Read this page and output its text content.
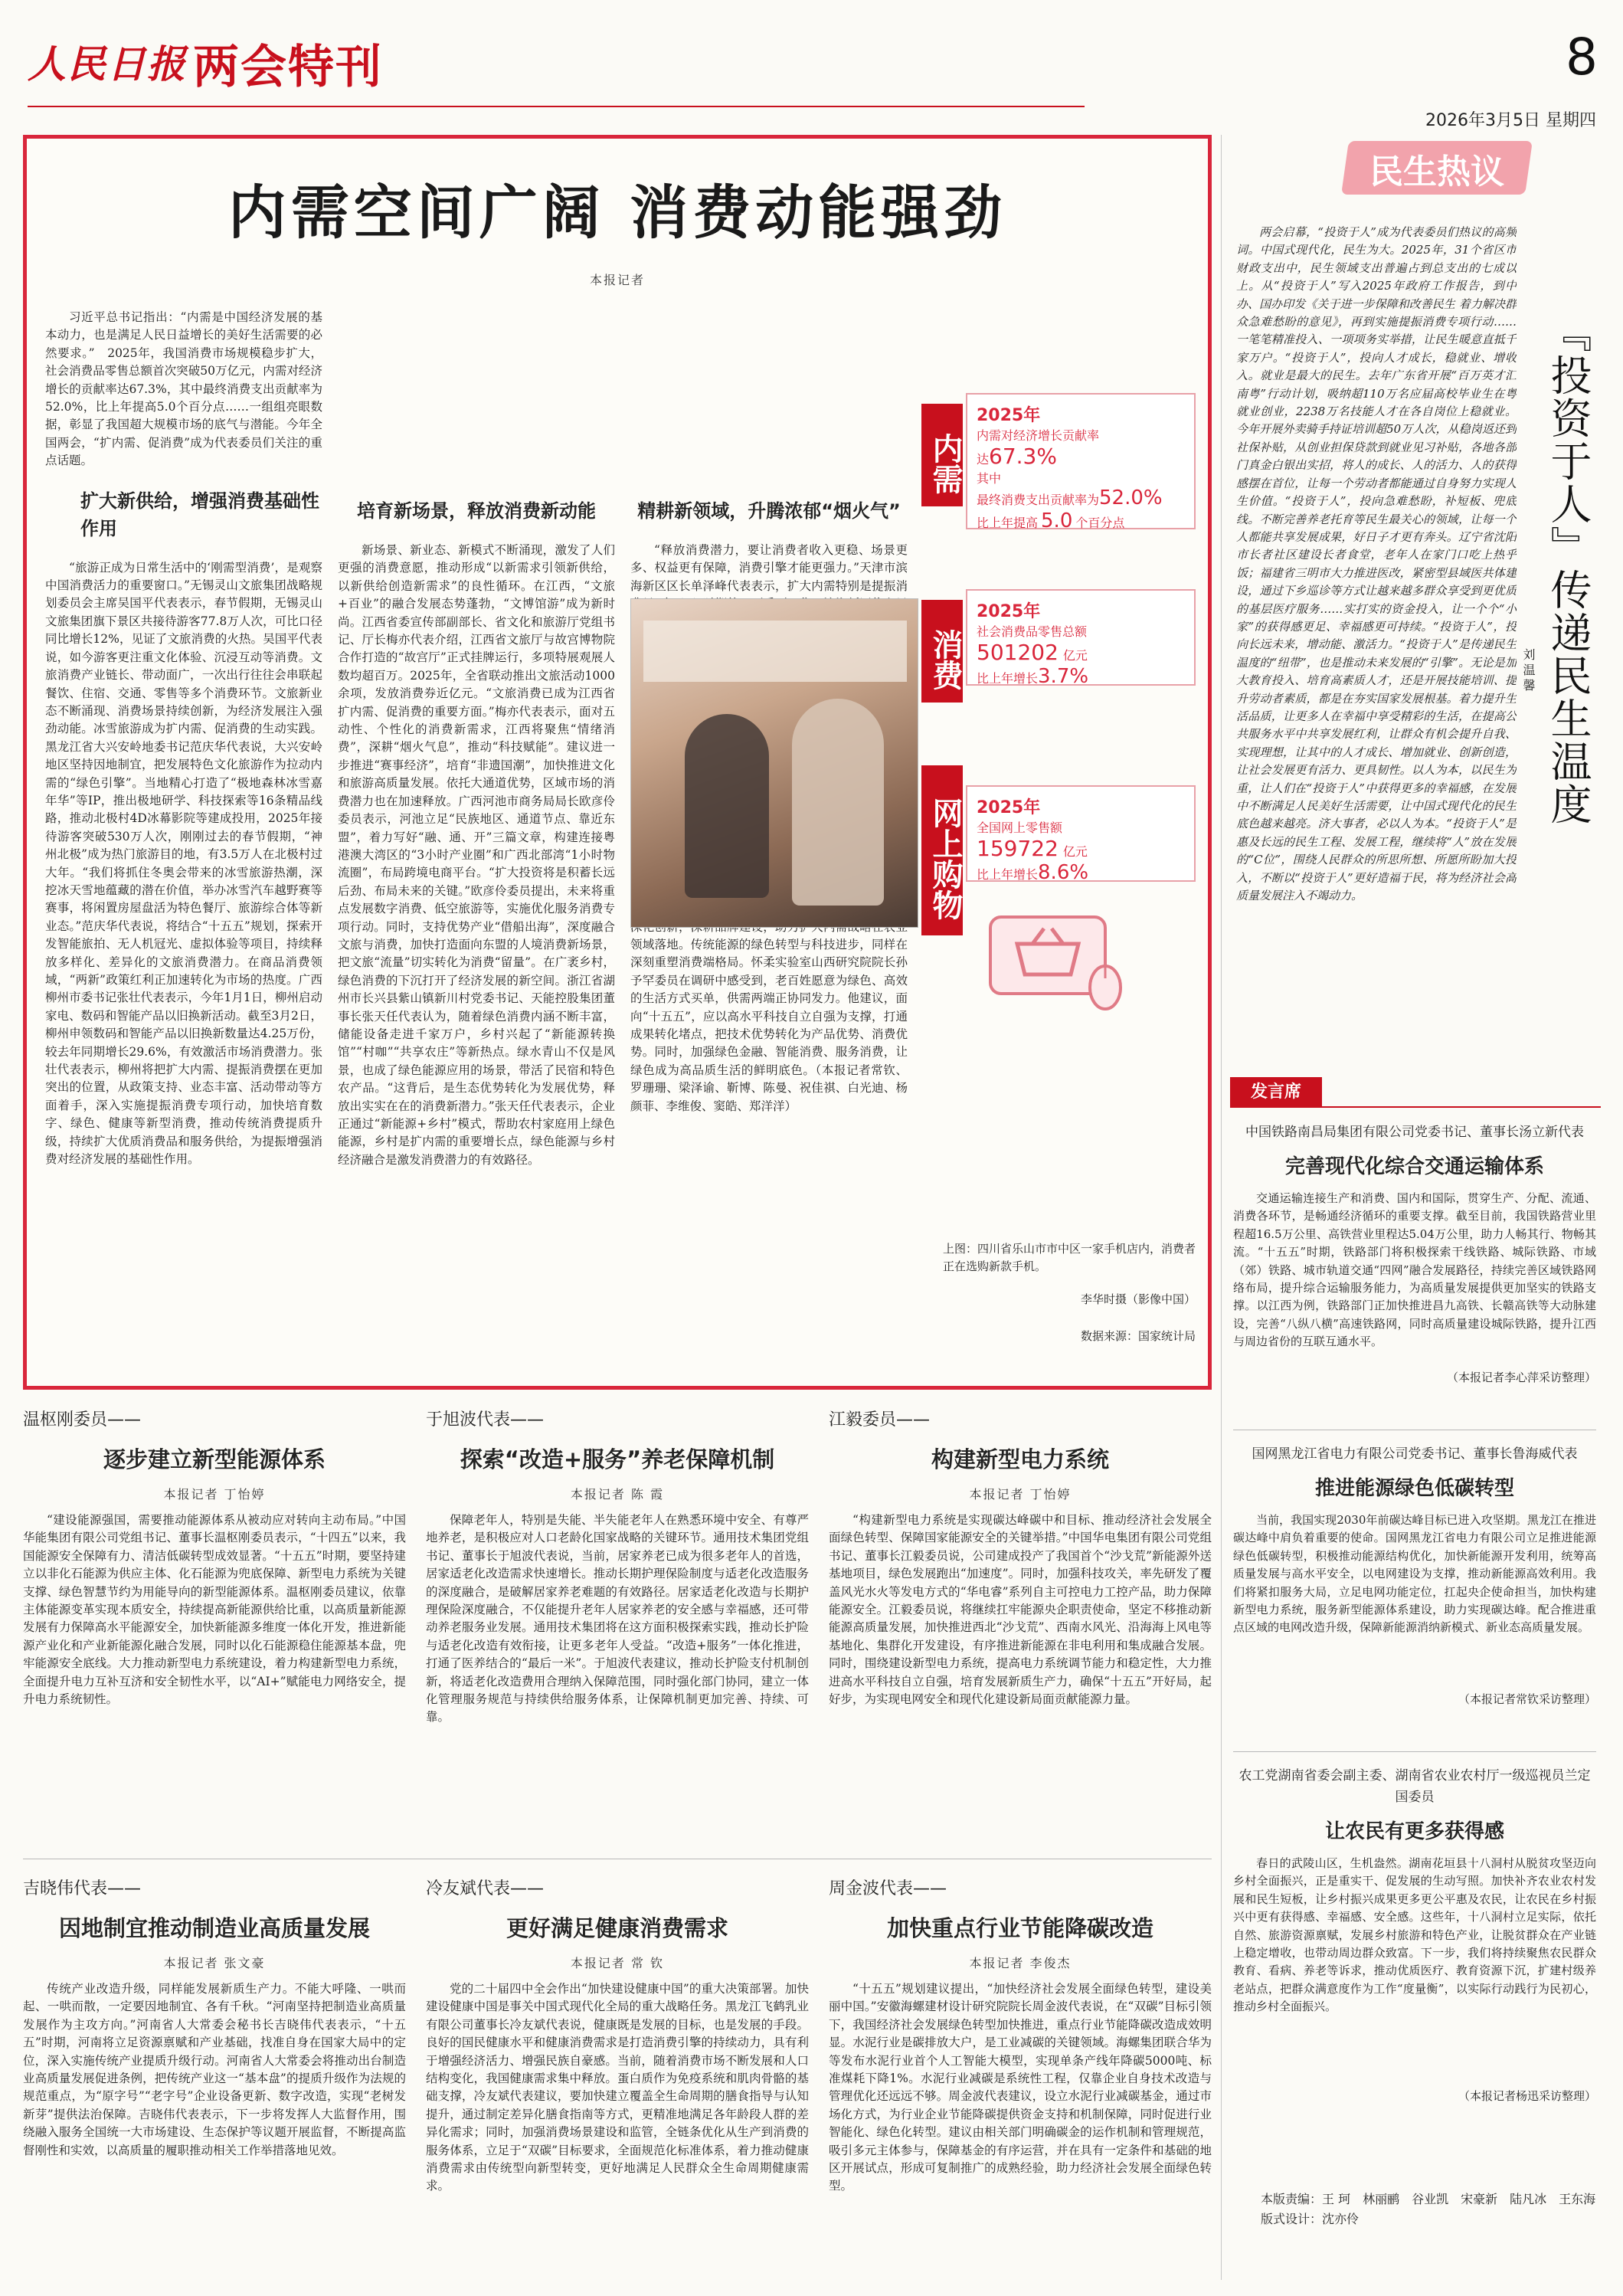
人民日报 两会特刊	8
2026年3月5日 星期四
内需空间广阔 消费动能强劲
本报记者

习近平总书记指出：“内需是中国经济发展的基本动力，也是满足人民日益增长的美好生活需要的必然要求。”　2025年，我国消费市场规模稳步扩大，社会消费品零售总额首次突破50万亿元，内需对经济增长的贡献率达67.3%，其中最终消费支出贡献率为52.0%，比上年提高5.0个百分点……一组组亮眼数据，彰显了我国超大规模市场的底气与潜能。今年全国两会，“扩内需、促消费”成为代表委员们关注的重点话题。

扩大新供给，增强消费基础性作用

“旅游正成为日常生活中的‘刚需型消费’，是观察中国消费活力的重要窗口。”无锡灵山文旅集团战略规划委员会主席吴国平代表表示，春节假期，无锡灵山文旅集团旗下景区共接待游客77.8万人次，可比口径同比增长12%，见证了文旅消费的火热。吴国平代表说，如今游客更注重文化体验、沉浸互动等消费。文旅消费产业链长、带动面广，一次出行往往会串联起餐饮、住宿、交通、零售等多个消费环节。文旅新业态不断涌现、消费场景持续创新，为经济发展注入强劲动能。冰雪旅游成为扩内需、促消费的生动实践。黑龙江省大兴安岭地委书记范庆华代表说，大兴安岭地区坚持因地制宜，把发展特色文化旅游作为拉动内需的“绿色引擎”。当地精心打造了“极地森林冰雪嘉年华”等IP，推出极地研学、科技探索等16条精品线路，推动北极村4D冰幕影院等建成投用，2025年接待游客突破530万人次，刚刚过去的春节假期，“神州北极”成为热门旅游目的地，有3.5万人在北极村过大年。“我们将抓住冬奥会带来的冰雪旅游热潮，深挖冰天雪地蕴藏的潜在价值，举办冰雪汽车越野赛等赛事，将闲置房屋盘活为特色餐厅、旅游综合体等新业态。”范庆华代表说，将结合“十五五”规划，探索开发智能旅拍、无人机冠光、虚拟体验等项目，持续释放多样化、差异化的文旅消费潜力。在商品消费领域，“两新”政策红利正加速转化为市场的热度。广西柳州市委书记张壮代表表示，今年1月1日，柳州启动家电、数码和智能产品以旧换新活动。截至3月2日，柳州申领数码和智能产品以旧换新数量达4.25万份，较去年同期增长29.6%，有效激活市场消费潜力。张壮代表表示，柳州将把扩大内需、提振消费摆在更加突出的位置，从政策支持、业态丰富、活动带动等方面着手，深入实施提振消费专项行动，加快培育数字、绿色、健康等新型消费，推动传统消费提质升级，持续扩大优质消费品和服务供给，为提振增强消费对经济发展的基础性作用。

培育新场景，释放消费新动能

新场景、新业态、新模式不断涌现，激发了人们更强的消费意愿，推动形成“以新需求引领新供给，以新供给创造新需求”的良性循环。在江西，“文旅+百业”的融合发展态势蓬勃，“文博馆游”成为新时尚。江西省委宣传部副部长、省文化和旅游厅党组书记、厅长梅亦代表介绍，江西省文旅厅与故宫博物院合作打造的“故宫厅”正式挂牌运行，多项特展观展人数均超百万。2025年，全省联动推出文旅活动1000余项，发放消费券近亿元。“文旅消费已成为江西省扩内需、促消费的重要方面。”梅亦代表表示，面对五动性、个性化的消费新需求，江西将聚焦“情绪消费”，深耕“烟火气息”，推动“科技赋能”。建议进一步推进“赛事经济”，培育“非遗国潮”，加快推进文化和旅游高质量发展。依托大通道优势，区域市场的消费潜力也在加速释放。广西河池市商务局局长欧彦伶委员表示，河池立足“民族地区、通道节点、靠近东盟”，着力写好“融、通、开”三篇文章，构建连接粤港澳大湾区的“3小时产业圈”和广西北部湾“1小时物流圈”，布局跨境电商平台。“扩大投资将是积蓄长远后劲、布局未来的关键。”欧彦伶委员提出，未来将重点发展数字消费、低空旅游等，实施优化服务消费专项行动。同时，支持优势产业“借船出海”，深度融合文旅与消费，加快打造面向东盟的人境消费新场景，把文旅“流量”切实转化为消费“留量”。在广袤乡村，绿色消费的下沉打开了经济发展的新空间。浙江省湖州市长兴县紫山镇新川村党委书记、天能控股集团董事长张天任代表认为，随着绿色消费内涵不断丰富，储能设备走进千家万户，乡村兴起了“新能源转换馆”“村咖”“共享农庄”等新热点。绿水青山不仅是风景，也成了绿色能源应用的场景，带活了民宿和特色农产品。“这背后，是生态优势转化为发展优势，释放出实实在在的消费新潜力。”张天任代表表示，企业正通过“新能源+乡村”模式，帮助农村家庭用上绿色能源，乡村是扩内需的重要增长点，绿色能源与乡村经济融合是激发消费潜力的有效路径。

精耕新领域，升腾浓郁“烟火气”

“释放消费潜力，要让消费者收入更稳、场景更多、权益更有保障，消费引擎才能更强力。”天津市滨海新区区长单泽峰代表表示，扩大内需特别是提振消 领域落地。传统能源的绿色转型与科技进步，同样在深刻重塑消费端格局。怀柔实验室山西研究院院长孙予罕委员在调研中感受到，老百姓愿意为绿色、高效的生活方式买单，供需两端正协同发力。他建议，面向“十五五”，应以高水平科技自立自强为支撑，打通成果转化堵点，把技术优势转化为产品优势、消费优势。同时，加强绿色金融、智能消费、服务消费，让绿色成为高品质生活的鲜明底色。（本报记者常钦、罗珊珊、梁泽谕、靳博、陈曼、祝佳祺、白光迪、杨颜菲、李维俊、窦皓、郑洋洋）

内需
2025年
内需对经济增长贡献率
达67.3%
其中
最终消费支出贡献率为52.0%
比上年提高 5.0 个百分点
消费
2025年
社会消费品零售总额
501202 亿元
比上年增长3.7%
网上购物 2025年
全国网上零售额
159722 亿元
比上年增长8.6%
上图：四川省乐山市市中区一家手机店内，消费者正在选购新款手机。
李华时摄（影像中国）
数据来源：国家统计局
民生热议

两会启幕，“投资于人”成为代表委员们热议的高频词。中国式现代化，民生为大。2025年，31个省区市财政支出中，民生领域支出普遍占到总支出的七成以上。从“投资于人”写入2025年政府工作报告，到中办、国办印发《关于进一步保障和改善民生 着力解决群众急难愁盼的意见》，再到实施提振消费专项行动……一笔笔精准投入、一项项务实举措，让民生暖意直抵千家万户。“投资于人”，投向人才成长，稳就业、增收入。就业是最大的民生。去年广东省开展“百万英才汇南粤”行动计划，吸纳超110万名应届高校毕业生在粤就业创业，2238万名技能人才在各自岗位上稳就业。今年开展外卖骑手持证培训超50万人次，从稳岗返还到社保补贴，从创业担保贷款到就业见习补贴，各地各部门真金白银出实招，将人的成长、人的活力、人的获得感摆在首位，让每一个劳动者都能通过自身努力实现人生价值。“投资于人”，投向急难愁盼，补短板、兜底线。不断完善养老托育等民生最关心的领域，让每一个人都能共享发展成果，好日子才更有奔头。辽宁省沈阳市长者社区建设长者食堂，老年人在家门口吃上热乎饭；福建省三明市大力推进医改，紧密型县域医共体建设，通过下乡巡诊等方式让越来越多群众享受到更优质的基层医疗服务……实打实的资金投入，让一个个“小家”的获得感更足、幸福感更可持续。“投资于人”，投向长远未来，增动能、激活力。“投资于人”是传递民生温度的“纽带”，也是推动未来发展的“引擎”。无论是加大教育投入、培育高素质人才，还是开展技能培训、提升劳动者素质，都是在夯实国家发展根基。着力提升生活品质，让更多人在幸福中享受精彩的生活，在提高公共服务水平中共享发展红利，让群众有机会提升自我、实现理想，让其中的人才成长、增加就业、创新创造，让社会发展更有活力、更具韧性。以人为本，以民生为重，让人们在“投资于人”中获得更多的幸福感，在发展中不断满足人民美好生活需要，让中国式现代化的民生底色越来越亮。济大事者，必以人为本。“投资于人”是惠及长远的民生工程、发展工程，继续将“人”放在发展的“C位”，围绕人民群众的所思所想、所愿所盼加大投入，不断以“投资于人”更好造福于民，将为经济社会高质量发展注入不竭动力。

『投资于人』传递民生温度
刘温馨
发言席
中国铁路南昌局集团有限公司党委书记、董事长汤立新代表
完善现代化综合交通运输体系

交通运输连接生产和消费、国内和国际，贯穿生产、分配、流通、消费各环节，是畅通经济循环的重要支撑。截至目前，我国铁路营业里程超16.5万公里、高铁营业里程达5.04万公里，助力人畅其行、物畅其流。“十五五”时期，铁路部门将积极探索干线铁路、城际铁路、市域（郊）铁路、城市轨道交通“四网”融合发展路径，持续完善区域铁路网络布局，提升综合运输服务能力，为高质量发展提供更加坚实的铁路支撑。以江西为例，铁路部门正加快推进昌九高铁、长赣高铁等大动脉建设，完善“八纵八横”高速铁路网，同时高质量建设城际铁路，提升江西与周边省份的互联互通水平。

（本报记者李心萍采访整理）
国网黑龙江省电力有限公司党委书记、董事长鲁海威代表
推进能源绿色低碳转型

当前，我国实现2030年前碳达峰目标已进入攻坚期。黑龙江在推进碳达峰中肩负着重要的使命。国网黑龙江省电力有限公司立足推进能源绿色低碳转型，积极推动能源结构优化，加快新能源开发利用，统筹高质量发展与高水平安全，以电网建设为支撑，推动新能源高效利用。我们将紧扣服务大局，立足电网功能定位，扛起央企使命担当，加快构建新型电力系统，服务新型能源体系建设，助力实现碳达峰。配合推进重点区域的电网改造升级，保障新能源消纳新模式、新业态高质量发展。

（本报记者常钦采访整理）
农工党湖南省委会副主委、湖南省农业农村厅一级巡视员兰定国委员
让农民有更多获得感

春日的武陵山区，生机盎然。湖南花垣县十八洞村从脱贫攻坚迈向乡村全面振兴，正是重实干、促发展的生动写照。加快补齐农业农村发展和民生短板，让乡村振兴成果更多更公平惠及农民，让农民在乡村振兴中更有获得感、幸福感、安全感。这些年，十八洞村立足实际，依托自然、旅游资源禀赋，发展乡村旅游和特色产业，让脱贫群众在产业链上稳定增收，也带动周边群众致富。下一步，我们将持续聚焦农民群众教育、看病、养老等诉求，推动优质医疗、教育资源下沉，扩建村级养老站点，把群众满意度作为工作“度量衡”，以实际行动践行为民初心，推动乡村全面振兴。

（本报记者杨迅采访整理）
本版责编：王 珂　林丽鹂　谷业凯　宋豪新　陆凡冰　王东海
版式设计：沈亦伶
温枢刚委员——
逐步建立新型能源体系
本报记者 丁怡婷

“建设能源强国，需要推动能源体系从被动应对转向主动布局。”中国华能集团有限公司党组书记、董事长温枢刚委员表示，“十四五”以来，我国能源安全保障有力、清洁低碳转型成效显著。“十五五”时期，要坚持建立以非化石能源为供应主体、化石能源为兜底保障、新型电力系统为关键支撑、绿色智慧节约为用能导向的新型能源体系。温枢刚委员建议，依靠主体能源变革实现本质安全，持续提高新能源供给比重，以高质量新能源发展有力保障高水平能源安全，加快新能源多维度一体化开发，推进新能源产业化和产业新能源化融合发展，同时以化石能源稳住能源基本盘，兜牢能源安全底线。大力推动新型电力系统建设，着力构建新型电力系统，全面提升电力互补互济和安全韧性水平，以“AI+”赋能电力网络安全，提升电力系统韧性。

于旭波代表——
探索“改造+服务”养老保障机制
本报记者 陈 霞

保障老年人，特别是失能、半失能老年人在熟悉环境中安全、有尊严地养老，是积极应对人口老龄化国家战略的关键环节。通用技术集团党组书记、董事长于旭波代表说，当前，居家养老已成为很多老年人的首选，居家适老化改造需求快速增长。推动长期护理保险制度与适老化改造服务的深度融合，是破解居家养老难题的有效路径。居家适老化改造与长期护理保险深度融合，不仅能提升老年人居家养老的安全感与幸福感，还可带动养老服务业发展。通用技术集团将在这方面积极探索实践，推动长护险与适老化改造有效衔接，让更多老年人受益。“改造+服务”一体化推进，打通了医养结合的“最后一米”。于旭波代表建议，推动长护险支付机制创新，将适老化改造费用合理纳入保障范围，同时强化部门协同，建立一体化管理服务规范与持续供给服务体系，让保障机制更加完善、持续、可靠。

江毅委员——
构建新型电力系统
本报记者 丁怡婷

“构建新型电力系统是实现碳达峰碳中和目标、推动经济社会发展全面绿色转型、保障国家能源安全的关键举措。”中国华电集团有限公司党组书记、董事长江毅委员说，公司建成投产了我国首个“沙戈荒”新能源外送基地项目，绿色发展跑出“加速度”。同时，加强科技攻关，率先研发了覆盖风光水火等发电方式的“华电睿”系列自主可控电力工控产品，助力保障能源安全。江毅委员说，将继续扛牢能源央企职责使命，坚定不移推动新能源高质量发展，加快推进西北“沙戈荒”、西南水风光、沿海海上风电等基地化、集群化开发建设，有序推进新能源在非电利用和集成融合发展。同时，围绕建设新型电力系统，提高电力系统调节能力和稳定性，大力推进高水平科技自立自强，培育发展新质生产力，确保“十五五”开好局，起好步，为实现电网安全和现代化建设新局面贡献能源力量。

吉晓伟代表——
因地制宜推动制造业高质量发展
本报记者 张文豪

传统产业改造升级，同样能发展新质生产力。不能大呼隆、一哄而起、一哄而散，一定要因地制宜、各有千秋。“河南坚持把制造业高质量发展作为主攻方向。”河南省人大常委会秘书长吉晓伟代表表示，“十五五”时期，河南将立足资源禀赋和产业基础，找准自身在国家大局中的定位，深入实施传统产业提质升级行动。河南省人大常委会将推动出台制造业高质量发展促进条例，把传统产业这一“基本盘”的提质升级作为法规的规范重点，为“原字号”“老字号”企业设备更新、数字改造，实现“老树发新芽”提供法治保障。吉晓伟代表表示，下一步将发挥人大监督作用，围绕融入服务全国统一大市场建设、生态保护等议题开展监督，不断提高监督刚性和实效，以高质量的履职推动相关工作举措落地见效。

冷友斌代表——
更好满足健康消费需求
本报记者 常 钦

党的二十届四中全会作出“加快建设健康中国”的重大决策部署。加快建设健康中国是事关中国式现代化全局的重大战略任务。黑龙江飞鹤乳业有限公司董事长冷友斌代表说，健康既是发展的目标，也是发展的手段。良好的国民健康水平和健康消费需求是打造消费引擎的持续动力，具有利于增强经济活力、增强民族自豪感。当前，随着消费市场不断发展和人口结构变化，我国健康需求集中释放。蛋白质作为免疫系统和肌肉骨骼的基础支撑，冷友斌代表建议，要加快建立覆盖全生命周期的膳食指导与认知提升，通过制定差异化膳食指南等方式，更精准地满足各年龄段人群的差异化需求；同时，加强消费场景建设和监管，全链条优化从生产到消费的服务体系，立足于“双碳”目标要求，全面规范化标准体系，着力推动健康消费需求由传统型向新型转变，更好地满足人民群众全生命周期健康需求。

周金波代表——
加快重点行业节能降碳改造
本报记者 李俊杰

“十五五”规划建议提出，“加快经济社会发展全面绿色转型，建设美丽中国。”安徽海螺建材设计研究院院长周金波代表说，在“双碳”目标引领下，我国经济社会发展绿色转型加快推进，重点行业节能降碳改造成效明显。水泥行业是碳排放大户，是工业减碳的关键领域。海螺集团联合华为等发布水泥行业首个人工智能大模型，实现单条产线年降碳5000吨、标准煤耗下降1%。水泥行业减碳是系统性工程，仅靠企业自身技术改造与管理优化还远远不够。周金波代表建议，设立水泥行业减碳基金，通过市场化方式，为行业企业节能降碳提供资金支持和机制保障，同时促进行业智能化、绿色化转型。建议由相关部门明确碳金的运作机制和管理规范，吸引多元主体参与，保障基金的有序运营，并在具有一定条件和基础的地区开展试点，形成可复制推广的成熟经验，助力经济社会发展全面绿色转型。
